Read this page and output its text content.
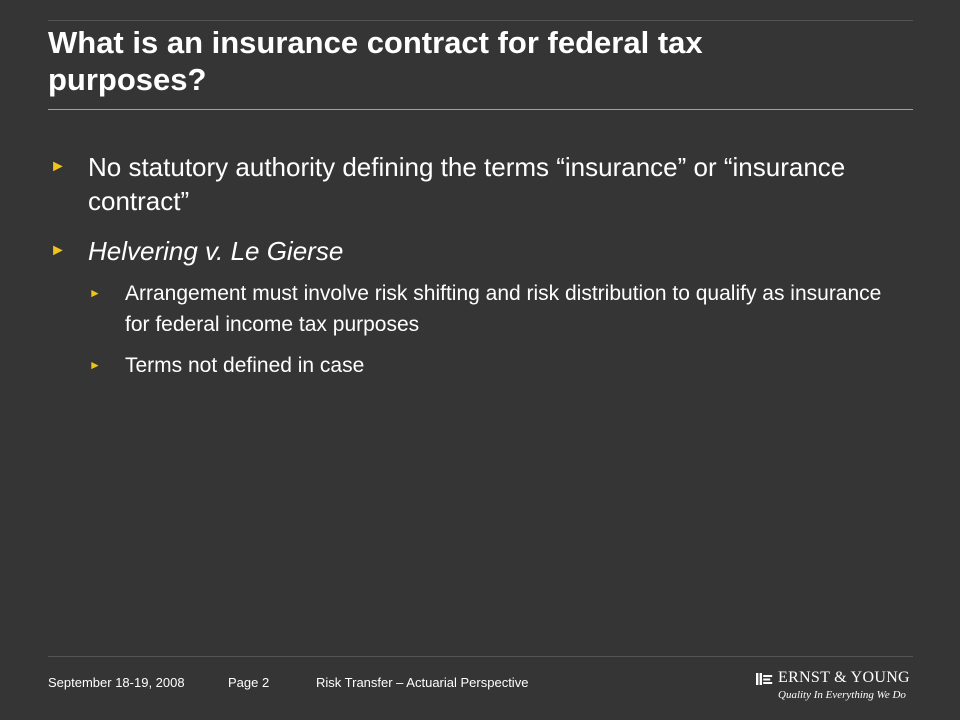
What is an insurance contract for federal tax
purposes?
► No statutory authority defining the terms “insurance” or “insurance contract”
► Helvering v. Le Gierse
► Arrangement must involve risk shifting and risk distribution to qualify as insurance for federal income tax purposes
► Terms not defined in case
September 18-19, 2008	Page 2	Risk Transfer – Actuarial Perspective	ERNST & YOUNG
Quality In Everything We Do
